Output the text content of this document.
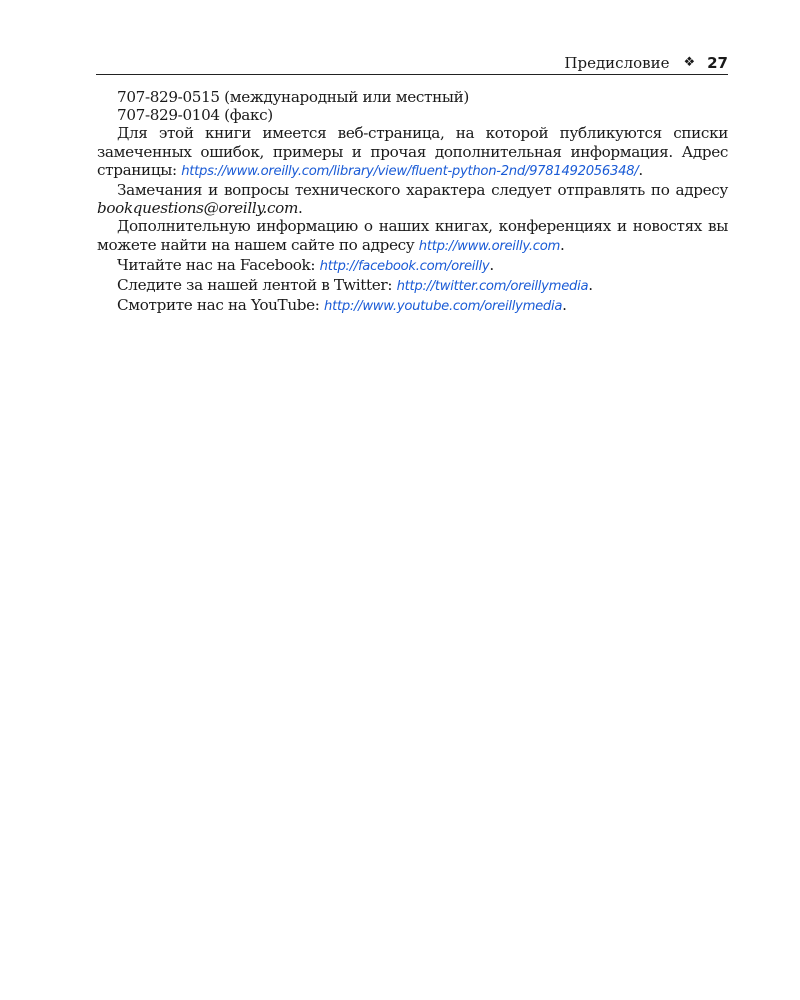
Предисловие ❖ 27

707-829-0515 (международный или местный)

707-829-0104 (факс)

Для этой книги имеется веб-страница, на которой публикуются списки замеченных ошибок, примеры и прочая дополнительная информация. Адрес страницы: https://www.oreilly.com/library/view/fluent-python-2nd/9781492056348/.

Замечания и вопросы технического характера следует отправлять по адресу bookquestions@oreilly.com.

Дополнительную информацию о наших книгах, конференциях и новостях вы можете найти на нашем сайте по адресу http://www.oreilly.com.

Читайте нас на Facebook: http://facebook.com/oreilly.

Следите за нашей лентой в Twitter: http://twitter.com/oreillymedia.

Смотрите нас на YouTube: http://www.youtube.com/oreillymedia.
